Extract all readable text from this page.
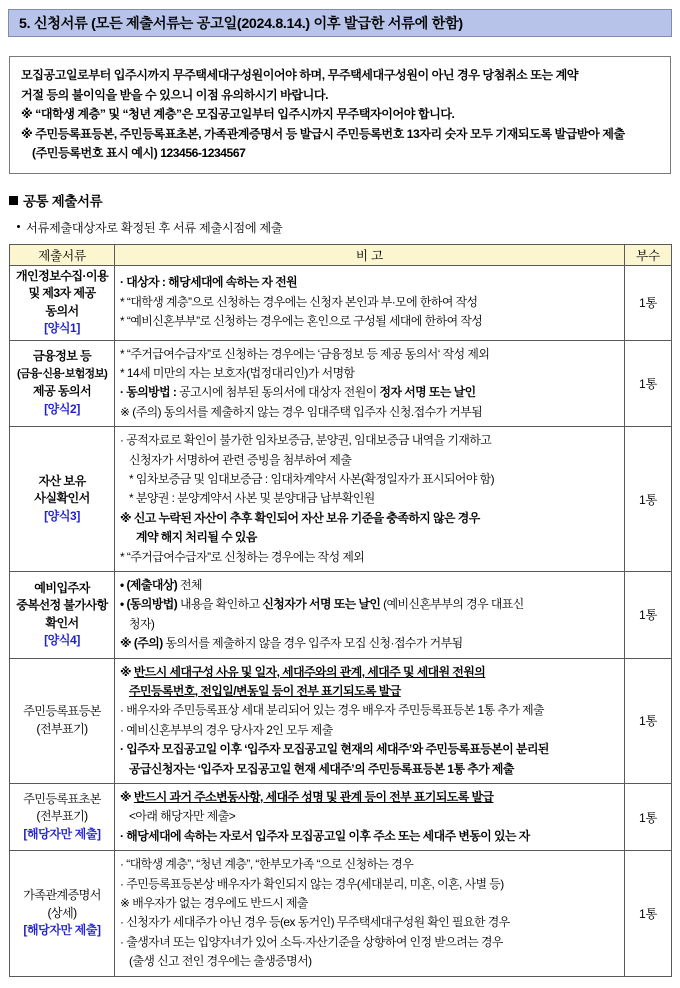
5. 신청서류 (모든 제출서류는 공고일(2024.8.14.) 이후 발급한 서류에 한함)
모집공고일로부터 입주시까지 무주택세대구성원이어야 하며, 무주택세대구성원이 아닌 경우 당첨취소 또는 계약
거절 등의 불이익을 받을 수 있으니 이점 유의하시기 바랍니다.
※ “대학생 계층” 및 “청년 계층”은 모집공고일부터 입주시까지 무주택자이어야 합니다.
※ 주민등록표등본, 주민등록표초본, 가족관계증명서 등 발급시 주민등록번호 13자리 숫자 모두 기재되도록 발급받아 제출
(주민등록번호 표시 예시) 123456-1234567
공통 제출서류
서류제출대상자로 확정된 후 서류 제출시점에 제출
제출서류	비 고	부수

개인정보수집·이용
및 제3자 제공
동의서
[양식1]	· 대상자 : 해당세대에 속하는 자 전원
* “대학생 계층”으로 신청하는 경우에는 신청자 본인과 부·모에 한하여 작성
* “예비신혼부부”로 신청하는 경우에는 혼인으로 구성될 세대에 한하여 작성	1통

금융정보 등
(금융·신용·보험정보)
제공 동의서
[양식2]	* “주거급여수급자”로 신청하는 경우에는 ‘금융정보 등 제공 동의서‘ 작성 제외
* 14세 미만의 자는 보호자(법정대리인)가 서명함
· 동의방법 : 공고시에 첨부된 동의서에 대상자 전원이 정자 서명 또는 날인
※ (주의) 동의서를 제출하지 않는 경우 임대주택 입주자 신청.접수가 거부됨	1통

자산 보유
사실확인서
[양식3]

· 공적자료로 확인이 불가한 임차보증금, 분양권, 임대보증금 내역을 기재하고
신청자가 서명하여 관련 증빙을 첨부하여 제출
* 임차보증금 및 임대보증금 : 임대차계약서 사본(확정일자가 표시되어야 함)
* 분양권 : 분양계약서 사본 및 분양대금 납부확인원
※ 신고 누락된 자산이 추후 확인되어 자산 보유 기준을 충족하지 않은 경우
계약 해지 처리될 수 있음
* “주거급여수급자”로 신청하는 경우에는 작성 제외
	1통

예비입주자
중복선정 불가사항
확인서
[양식4]	• (제출대상) 전체
• (동의방법) 내용을 확인하고 신청자가 서명 또는 날인 (예비신혼부부의 경우 대표신
청자)
※ (주의) 동의서를 제출하지 않을 경우 입주자 모집 신청·접수가 거부됨	1통

주민등록표등본
(전부표기)

※ 반드시 세대구성 사유 및 일자, 세대주와의 관계, 세대주 및 세대원 전원의
주민등록번호, 전입일/변동일 등이 전부 표기되도록 발급
· 배우자와 주민등록표상 세대 분리되어 있는 경우 배우자 주민등록표등본 1통 추가 제출
· 예비신혼부부의 경우 당사자 2인 모두 제출
· 입주자 모집공고일 이후 ‘입주자 모집공고일 현재의 세대주’와 주민등록표등본이 분리된
공급신청자는 ‘입주자 모집공고일 현재 세대주’의 주민등록표등본 1통 추가 제출
	1통

주민등록표초본
(전부표기)
[해당자만 제출]	※ 반드시 과거 주소변동사항, 세대주 성명 및 관계 등이 전부 표기되도록 발급
<아래 해당자만 제출>
· 해당세대에 속하는 자로서 입주자 모집공고일 이후 주소 또는 세대주 변동이 있는 자	1통

가족관계증명서
(상세)
[해당자만 제출]

· “대학생 계층”, “청년 계층”, “한부모가족 “으로 신청하는 경우
· 주민등록표등본상 배우자가 확인되지 않는 경우(세대분리, 미혼, 이혼, 사별 등)
※ 배우자가 없는 경우에도 반드시 제출
· 신청자가 세대주가 아닌 경우 등(ex 동거인) 무주택세대구성원 확인 필요한 경우
· 출생자녀 또는 입양자녀가 있어 소득·자산기준을 상향하여 인정 받으려는 경우
(출생 신고 전인 경우에는 출생증명서)
	1통
